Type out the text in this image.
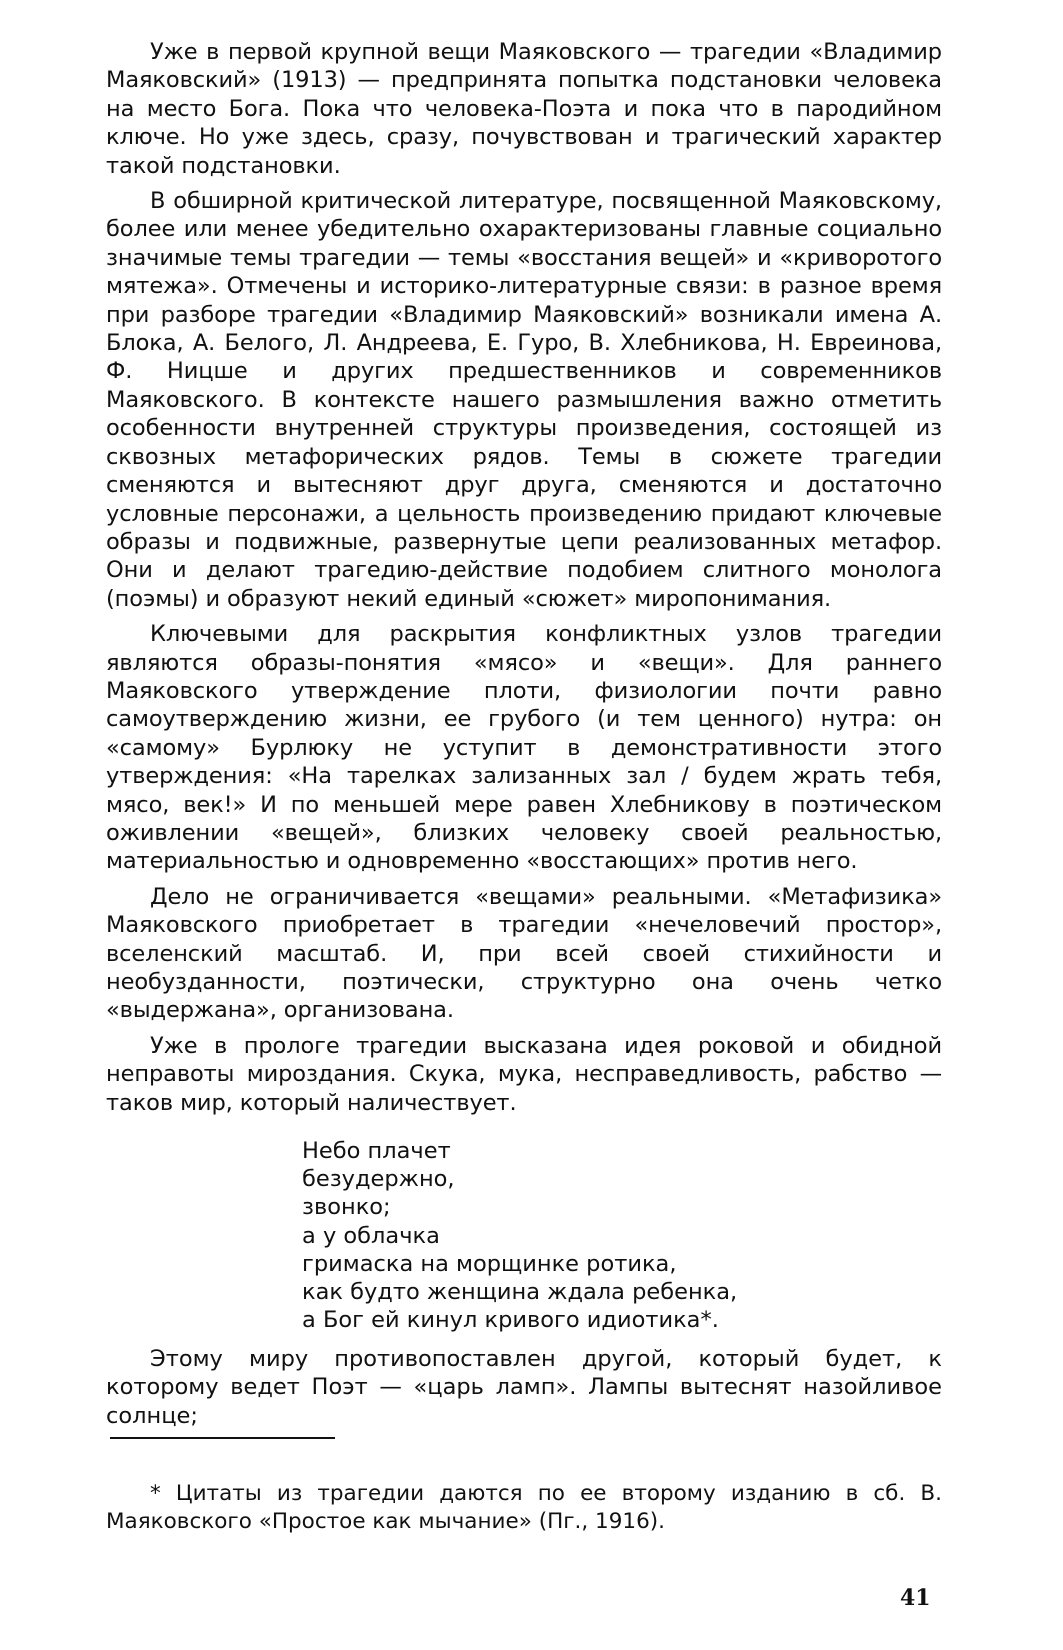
Уже в первой крупной вещи Маяковского — трагедии «Владимир Маяковский» (1913) — предпринята попытка подстановки человека на место Бога. Пока что человека-Поэта и пока что в пародийном ключе. Но уже здесь, сразу, почувствован и трагический характер такой подстановки.

В обширной критической литературе, посвященной Маяковскому, более или менее убедительно охарактеризованы главные социально значимые темы трагедии — темы «восстания вещей» и «криворотого мятежа». Отмечены и историко-литературные связи: в разное время при разборе трагедии «Владимир Маяковский» возникали имена А. Блока, А. Белого, Л. Андреева, Е. Гуро, В. Хлебникова, Н. Евреинова, Ф. Ницше и других предшественников и современников Маяковского. В контексте нашего размышления важно отметить особенности внутренней структуры произведения, состоящей из сквозных метафорических рядов. Темы в сюжете трагедии сменяются и вытесняют друг друга, сменяются и достаточно условные персонажи, а цельность произведению придают ключевые образы и подвижные, развернутые цепи реализованных метафор. Они и делают трагедию-действие подобием слитного монолога (поэмы) и образуют некий единый «сюжет» миропонимания.

Ключевыми для раскрытия конфликтных узлов трагедии являются образы-понятия «мясо» и «вещи». Для раннего Маяковского утверждение плоти, физиологии почти равно самоутверждению жизни, ее грубого (и тем ценного) нутра: он «самому» Бурлюку не уступит в демонстративности этого утверждения: «На тарелках зализанных зал / будем жрать тебя, мясо, век!» И по меньшей мере равен Хлебникову в поэтическом оживлении «вещей», близких человеку своей реальностью, материальностью и одновременно «восстающих» против него.

Дело не ограничивается «вещами» реальными. «Метафизика» Маяковского приобретает в трагедии «нечеловечий простор», вселенский масштаб. И, при всей своей стихийности и необузданности, поэтически, структурно она очень четко «выдержана», организована.

Уже в прологе трагедии высказана идея роковой и обидной неправоты мироздания. Скука, мука, несправедливость, рабство — таков мир, который наличествует.

Небо плачет
безудержно,
звонко;
а у облачка
гримаска на морщинке ротика,
как будто женщина ждала ребенка,
а Бог ей кинул кривого идиотика*.

Этому миру противопоставлен другой, который будет, к которому ведет Поэт — «царь ламп». Лампы вытеснят назойливое солнце;

* Цитаты из трагедии даются по ее второму изданию в сб. В. Маяковского «Простое как мычание» (Пг., 1916).

41
